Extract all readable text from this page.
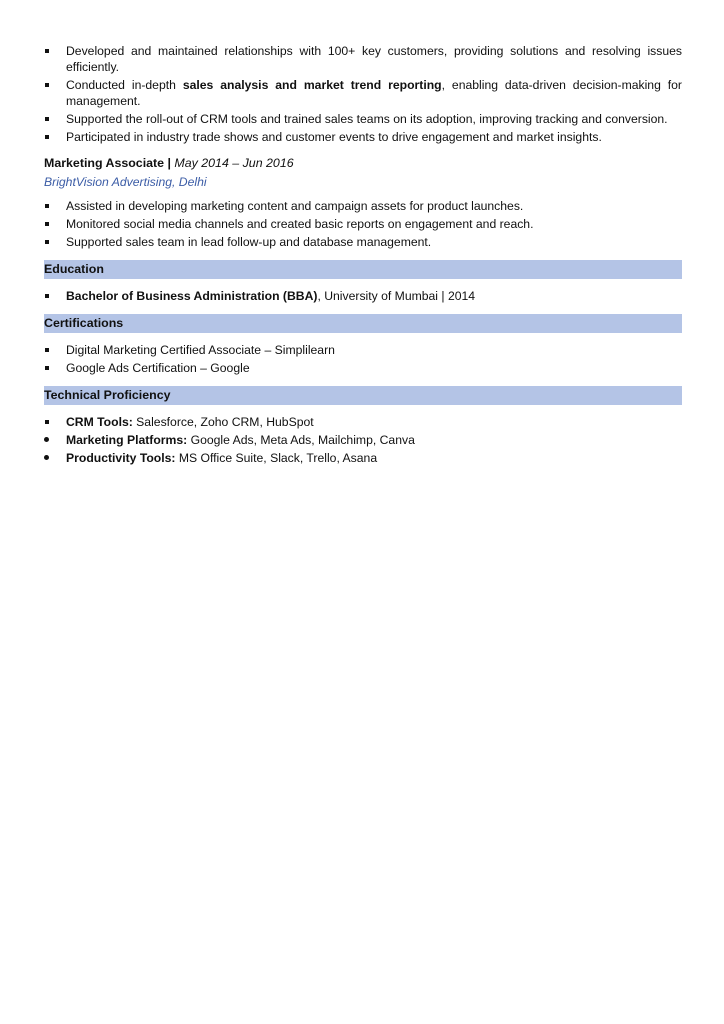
Developed and maintained relationships with 100+ key customers, providing solutions and resolving issues efficiently.
Conducted in-depth sales analysis and market trend reporting, enabling data-driven decision-making for management.
Supported the roll-out of CRM tools and trained sales teams on its adoption, improving tracking and conversion.
Participated in industry trade shows and customer events to drive engagement and market insights.
Marketing Associate | May 2014 – Jun 2016
BrightVision Advertising, Delhi
Assisted in developing marketing content and campaign assets for product launches.
Monitored social media channels and created basic reports on engagement and reach.
Supported sales team in lead follow-up and database management.
Education
Bachelor of Business Administration (BBA), University of Mumbai | 2014
Certifications
Digital Marketing Certified Associate – Simplilearn
Google Ads Certification – Google
Technical Proficiency
CRM Tools: Salesforce, Zoho CRM, HubSpot
Marketing Platforms: Google Ads, Meta Ads, Mailchimp, Canva
Productivity Tools: MS Office Suite, Slack, Trello, Asana
